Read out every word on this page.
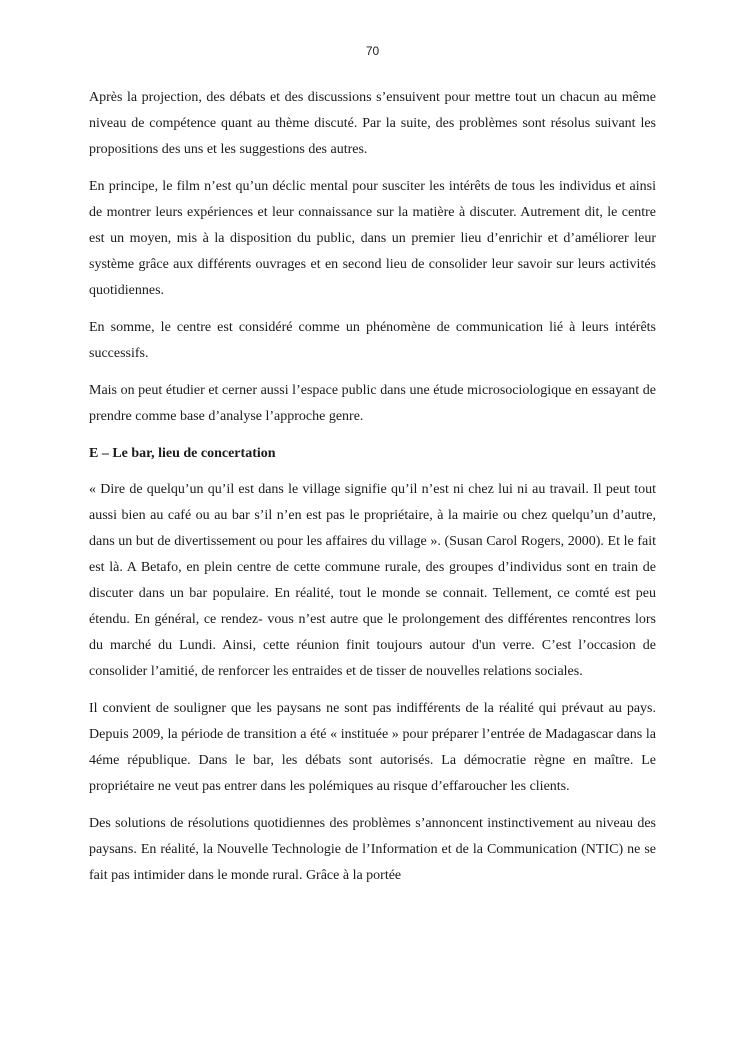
70

Après la projection, des débats et des discussions s’ensuivent pour mettre tout un chacun au même niveau de compétence quant au thème discuté. Par la suite, des problèmes sont résolus suivant les propositions des uns et les suggestions des autres.

En principe, le film n’est qu’un déclic mental pour susciter les intérêts de tous les individus et ainsi de montrer leurs expériences et leur connaissance sur la matière à discuter. Autrement dit, le centre est un moyen, mis à la disposition du public, dans un premier lieu d’enrichir et d’améliorer leur système grâce aux différents ouvrages et en second lieu de consolider leur savoir sur leurs activités quotidiennes.

En somme, le centre est considéré comme un phénomène de communication lié à leurs intérêts successifs.

Mais on peut étudier et cerner aussi l’espace public dans une étude microsociologique en essayant de prendre comme base d’analyse l’approche genre.

E – Le bar, lieu de concertation

« Dire de quelqu’un qu’il est dans le village signifie qu’il n’est ni chez lui ni au travail. Il peut tout aussi bien au café ou au bar s’il n’en est pas le propriétaire, à la mairie ou chez quelqu’un d’autre, dans un but de divertissement ou pour les affaires du village ». (Susan Carol Rogers, 2000). Et le fait est là. A Betafo, en plein centre de cette commune rurale, des groupes d’individus sont en train de discuter dans un bar populaire. En réalité, tout le monde se connait. Tellement, ce comté est peu étendu. En général, ce rendez- vous n’est autre que le prolongement des différentes rencontres lors du marché du Lundi. Ainsi, cette réunion finit toujours autour d'un verre. C’est l’occasion de consolider l’amitié, de renforcer les entraides et de tisser de nouvelles relations sociales.

Il convient de souligner que les paysans ne sont pas indifférents de la réalité qui prévaut au pays. Depuis 2009, la période de transition a été « instituée » pour préparer l’entrée de Madagascar dans la 4éme république. Dans le bar, les débats sont autorisés. La démocratie règne en maître. Le propriétaire ne veut pas entrer dans les polémiques au risque d’effaroucher les clients.

Des solutions de résolutions quotidiennes des problèmes s’annoncent instinctivement au niveau des paysans. En réalité, la Nouvelle Technologie de l’Information et de la Communication (NTIC) ne se fait pas intimider dans le monde rural. Grâce à la portée
